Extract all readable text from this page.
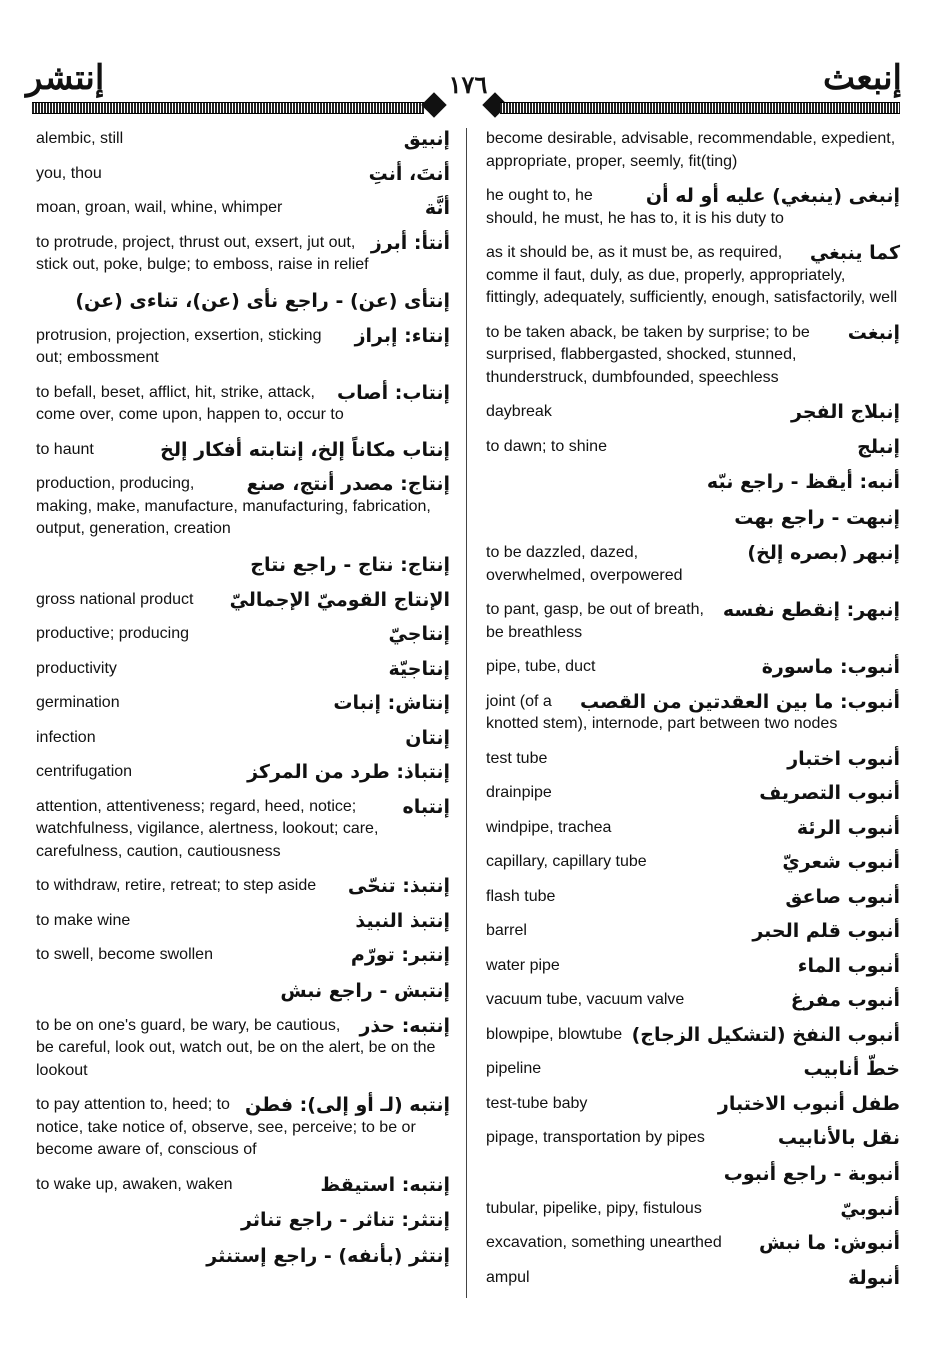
إنتشر	١٧٦	إنبعث
إنبيق
alembic, still
أنتَ، أنتِ
you, thou
أنَّة
moan, groan, wail, whine, whimper
أنتأ: أبرز
to protrude, project, thrust out, exsert, jut out, stick out, poke, bulge; to emboss, raise in relief
إنتأى (عن) - راجع نأى (عن)، تناءى (عن)
إنتاء: إبراز
protrusion, projection, exsertion, sticking out; embossment
إنتاب: أصاب
to befall, beset, afflict, hit, strike, attack, come over, come upon, happen to, occur to
إنتاب مكاناً إلخ، إنتابته أفكار إلخ
to haunt
إنتاج: مصدر أنتج، صنع
production, producing, making, make, manufacture, manufacturing, fabrication, output, generation, creation
إنتاج: نتاج - راجع نتاج
الإنتاج القوميّ الإجماليّ
gross national product
إنتاجيّ
productive; producing
إنتاجيّة
productivity
إنتاش: إنبات
germination
إنتان
infection
إنتباذ: طرد من المركز
centrifugation
إنتباه
attention, attentiveness; regard, heed, notice; watchfulness, vigilance, alertness, lookout; care, carefulness, caution, cautiousness
إنتبذ: تنحّى
to withdraw, retire, retreat; to step aside
إنتبذ النبيذ
to make wine
إنتبر: تورّم
to swell, become swollen
إنتبش - راجع نبش
إنتبه: حذر
to be on one's guard, be wary, be cautious, be careful, look out, watch out, be on the alert, be on the lookout
إنتبه (لـ أو إلى): فطن
to pay attention to, heed; to notice, take notice of, observe, see, perceive; to be or become aware of, conscious of
إنتبه: استيقظ
to wake up, awaken, waken
إنتثر: تناثر - راجع تناثر
إنتثر (بأنفه) - راجع إستنثر
become desirable, advisable, recommendable, expedient, appropriate, proper, seemly, fit(ting)
إنبغى (ينبغي) عليه أو له أن
he ought to, he should, he must, he has to, it is his duty to
كما ينبغي
as it should be, as it must be, as required, comme il faut, duly, as due, properly, appropriately, fittingly, adequately, sufficiently, enough, satisfactorily, well
إنبغت
to be taken aback, be taken by surprise; to be surprised, flabbergasted, shocked, stunned, thunderstruck, dumbfounded, speechless
إنبلاج الفجر
daybreak
إنبلج
to dawn; to shine
أنبه: أيقظ - راجع نبّه
إنبهت - راجع بهت
إنبهر (بصره إلخ)
to be dazzled, dazed, overwhelmed, overpowered
إنبهر: إنقطع نفسه
to pant, gasp, be out of breath, be breathless
أنبوب: ماسورة
pipe, tube, duct
أنبوب: ما بين العقدتين من القصب
joint (of a knotted stem), internode, part between two nodes
أنبوب اختبار
test tube
أنبوب التصريف
drainpipe
أنبوب الرئة
windpipe, trachea
أنبوب شعريّ
capillary, capillary tube
أنبوب صاعق
flash tube
أنبوب قلم الحبر
barrel
أنبوب الماء
water pipe
أنبوب مفرغ
vacuum tube, vacuum valve
أنبوب النفخ (لتشكيل الزجاج)
blowpipe, blowtube
خطّ أنابيب
pipeline
طفل أنبوب الاختبار
test-tube baby
نقل بالأنابيب
pipage, transportation by pipes
أنبوبة - راجع أنبوب
أنبوبيّ
tubular, pipelike, pipy, fistulous
أنبوش: ما نبش
excavation, something unearthed
أنبولة
ampul
